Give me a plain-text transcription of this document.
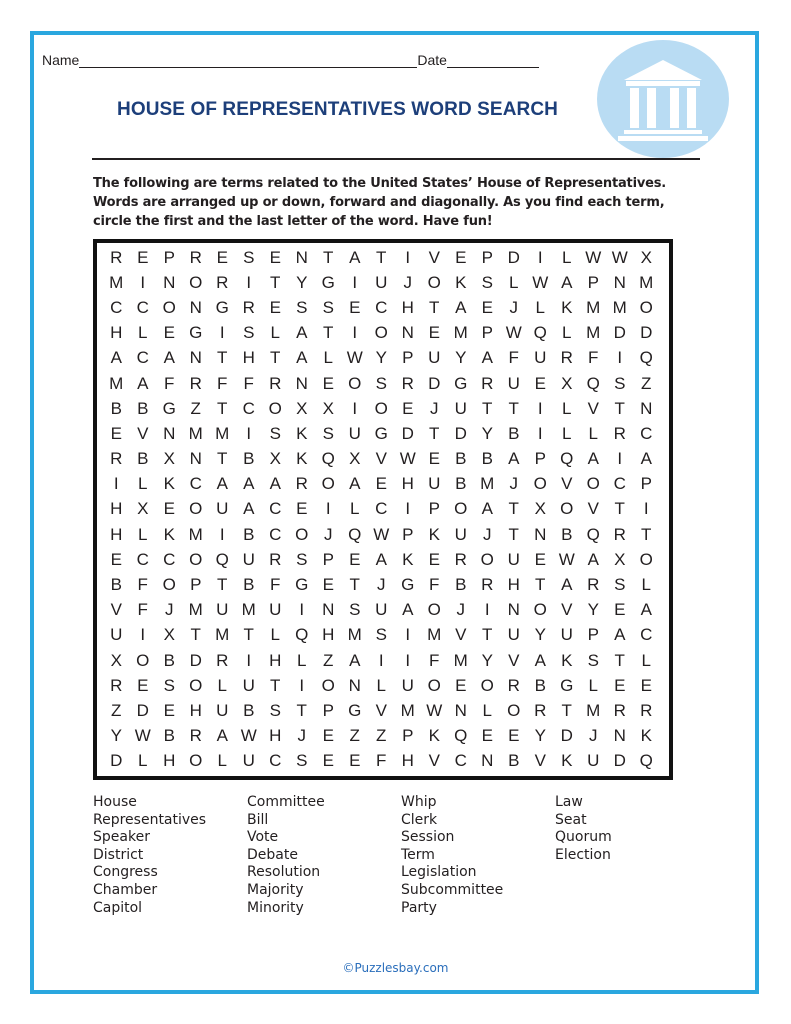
Name	Date
HOUSE OF REPRESENTATIVES WORD SEARCH
The following are terms related to the United States’ House of Representatives. Words are arranged up or down, forward and diagonally. As you find each term, circle the first and the last letter of the word. Have fun!
R E P R E S E N T A T	I	V E P D	I	L W W X
M	I	N O R	I	T Y G	I	U J O K S L W A P N M
C C O N G R E S S E C H T A E J	L K M M O
H L E G	I	S L A T	I	O N E M P W Q L M D D
A C A N T H T A L W Y P U Y A F U R F	I	Q
M A F R F F R N E O S R D G R U E X Q S Z
B B G Z T C O X X	I	O E J U T T	I	L V T N
E V N M M	I	S K S U G D T D Y B	I	L	L R C
R B X N T B X K Q X V W E B B A P Q A	I	A
I	L K C A A A R O A E H U B M J O V O C P
H X E O U A C E	I	L C	I	P O A T X O V T	I
H L K M	I	B C O J Q W P K U J	T N B Q R T
E C C O Q U R S P E A K E R O U E W A X O
B F O P T B F G E T	J G F B R H T A R S L
V F	J M U M U	I	N S U A O J	I	N O V Y E A
U	I	X T M T L Q H M S	I	M V T U Y U P A C
X O B D R	I	H L Z A	I	I	F M Y V A K S T L
R E S O L U T	I	O N L U O E O R B G L E E
Z D E H U B S T P G V M W N L O R T M R R
Y W B R A W H J E Z Z P K Q E E Y D J N K
D L H O L U C S E E F H V C N B V K U D Q
House
Representatives
Speaker
District
Congress
Chamber
Capitol
Committee
Bill
Vote
Debate
Resolution
Majority
Minority
Whip
Clerk
Session
Term
Legislation
Subcommittee
Party
Law
Seat
Quorum
Election
©Puzzlesbay.com
